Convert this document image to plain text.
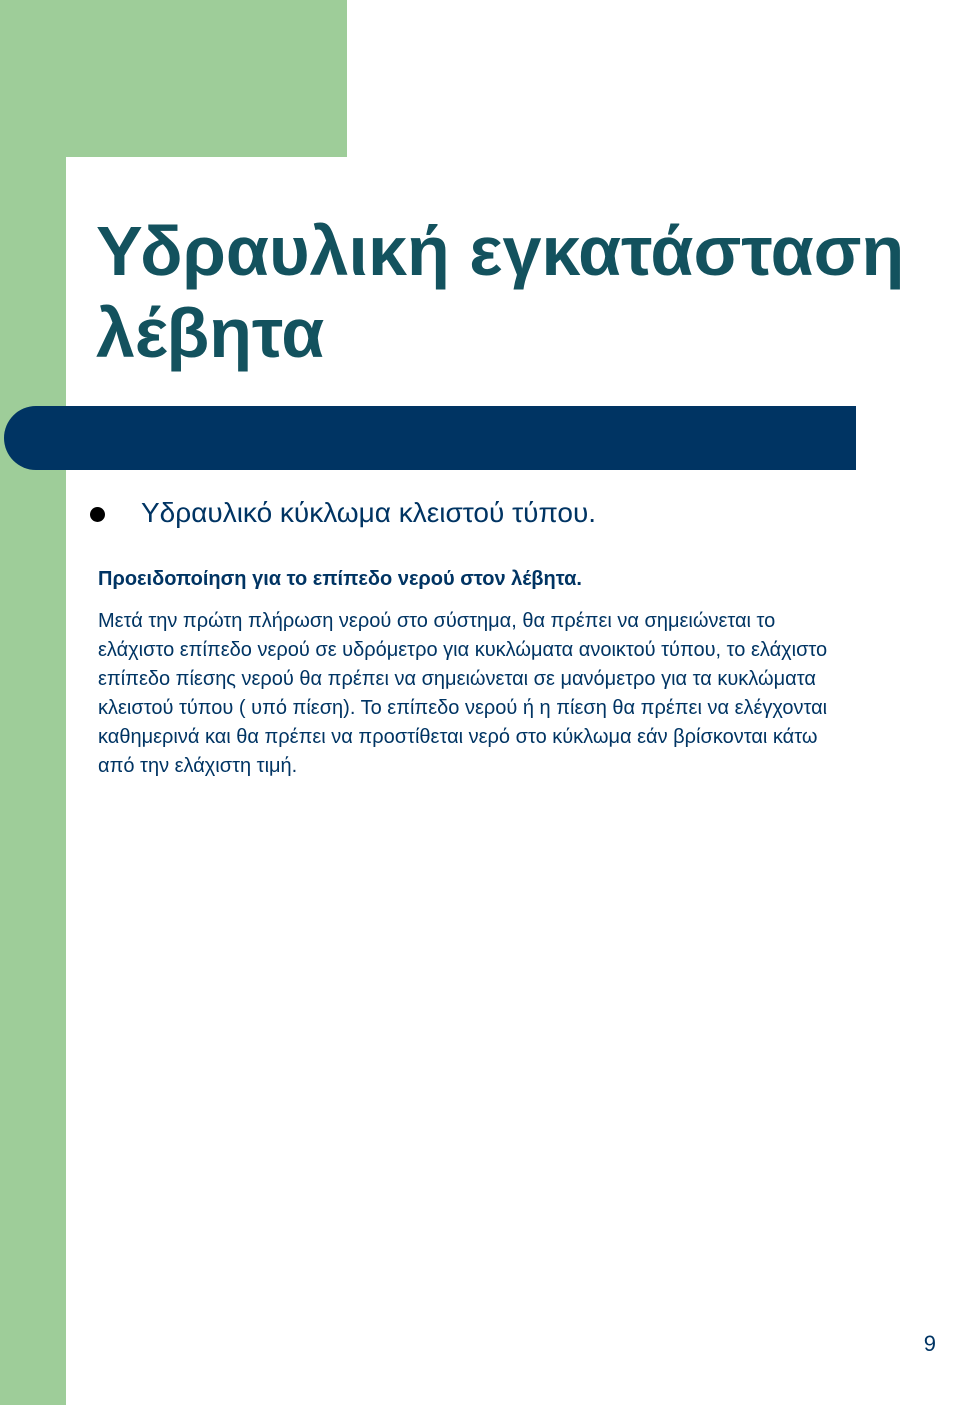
Υδραυλική εγκατάσταση
λέβητα
Υδραυλικό κύκλωμα κλειστού τύπου.
Προειδοποίηση για το επίπεδο νερού στον λέβητα.
Μετά την πρώτη πλήρωση νερού στο σύστημα, θα πρέπει να σημειώνεται το
ελάχιστο επίπεδο νερού σε υδρόμετρο για κυκλώματα ανοικτού τύπου, το ελάχιστο
επίπεδο πίεσης νερού θα πρέπει να σημειώνεται σε μανόμετρο για τα κυκλώματα
κλειστού τύπου ( υπό πίεση). Το επίπεδο νερού ή η πίεση θα πρέπει να ελέγχονται
καθημερινά και θα πρέπει να προστίθεται νερό στο κύκλωμα εάν βρίσκονται κάτω
από την ελάχιστη τιμή.
9
